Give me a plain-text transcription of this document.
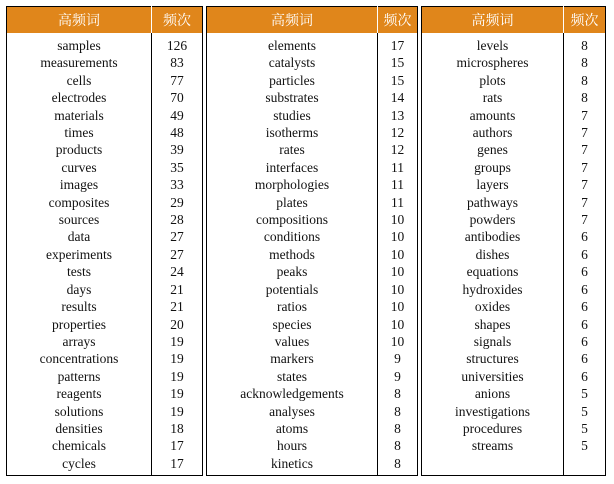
高频词	频次
samples	126
measurements	83
cells	77
electrodes	70
materials	49
times	48
products	39
curves	35
images	33
composites	29
sources	28
data	27
experiments	27
tests	24
days	21
results	21
properties	20
arrays	19
concentrations	19
patterns	19
reagents	19
solutions	19
densities	18
chemicals	17
cycles	17
高频词	频次
elements	17
catalysts	15
particles	15
substrates	14
studies	13
isotherms	12
rates	12
interfaces	11
morphologies	11
plates	11
compositions	10
conditions	10
methods	10
peaks	10
potentials	10
ratios	10
species	10
values	10
markers	9
states	9
acknowledgements	8
analyses	8
atoms	8
hours	8
kinetics	8
高频词	频次
levels	8
microspheres	8
plots	8
rats	8
amounts	7
authors	7
genes	7
groups	7
layers	7
pathways	7
powders	7
antibodies	6
dishes	6
equations	6
hydroxides	6
oxides	6
shapes	6
signals	6
structures	6
universities	6
anions	5
investigations	5
procedures	5
streams	5
